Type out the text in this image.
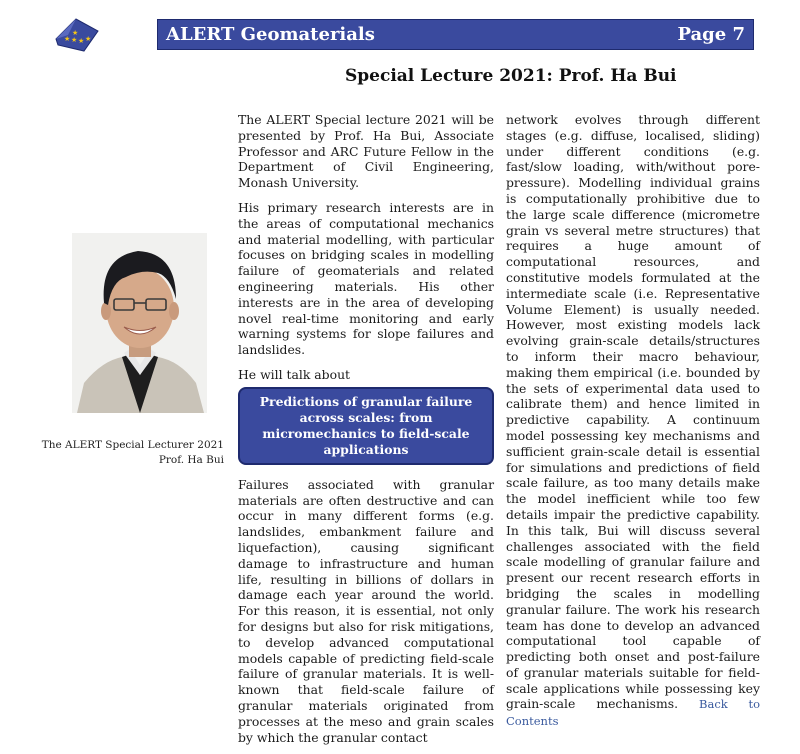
★ ★ ★ ★
★	ALERT Geomaterials	Page 7
Special Lecture 2021: Prof. Ha Bui
The ALERT Special Lecturer 2021
Prof. Ha Bui

The ALERT Special lecture 2021 will be presented by Prof. Ha Bui, Associate Professor and ARC Future Fellow in the Department of Civil Engineering, Monash University.

His primary research interests are in the areas of computational mechanics and material modelling, with particular focuses on bridging scales in modelling failure of geomaterials and related engineering materials. His other interests are in the area of developing novel real-time monitoring and early warning systems for slope failures and landslides.

He will talk about

Predictions of granular failure across scales: from micromechanics to field-scale applications

Failures associated with granular materials are often destructive and can occur in many different forms (e.g. landslides, embankment failure and liquefaction), causing significant damage to infrastructure and human life, resulting in billions of dollars in damage each year around the world. For this reason, it is essential, not only for designs but also for risk mitigations, to develop advanced computational models capable of predicting field-scale failure of granular materials. It is well-known that field-scale failure of granular materials originated from processes at the meso and grain scales by which the granular contact

network evolves through different stages (e.g. diffuse, localised, sliding) under different conditions (e.g. fast/slow loading, with/without pore-pressure). Modelling individual grains is computationally prohibitive due to the large scale difference (micrometre grain vs several metre structures) that requires a huge amount of computational resources, and constitutive models formulated at the intermediate scale (i.e. Representative Volume Element) is usually needed. However, most existing models lack evolving grain-scale details/structures to inform their macro behaviour, making them empirical (i.e. bounded by the sets of experimental data used to calibrate them) and hence limited in predictive capability. A continuum model possessing key mechanisms and sufficient grain-scale detail is essential for simulations and predictions of field scale failure, as too many details make the model inefficient while too few details impair the predictive capability. In this talk, Bui will discuss several challenges associated with the field scale modelling of granular failure and present our recent research efforts in bridging the scales in modelling granular failure. The work his research team has done to develop an advanced computational tool capable of predicting both onset and post-failure of granular materials suitable for field-scale applications while possessing key grain-scale mechanisms. Back to Contents
